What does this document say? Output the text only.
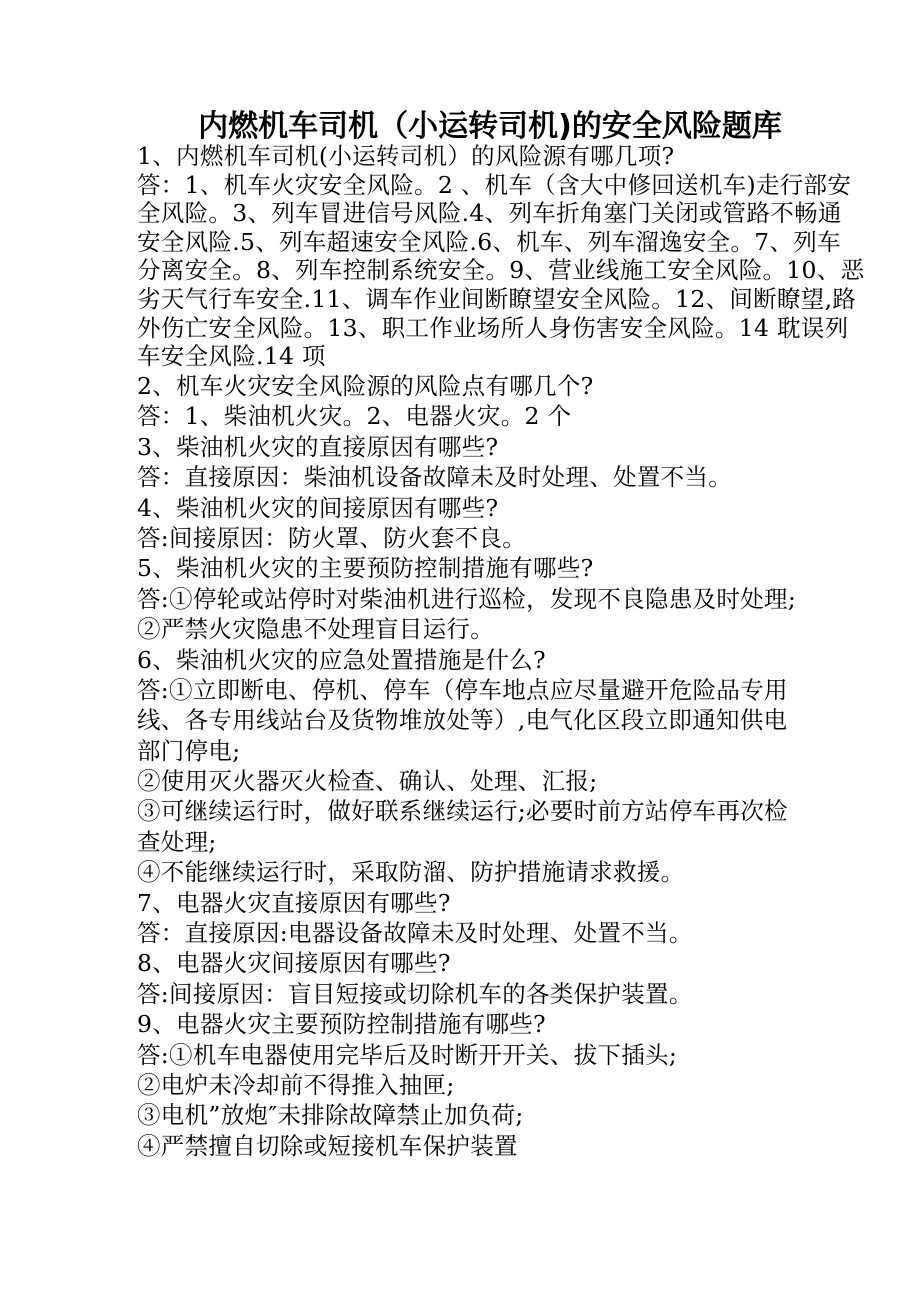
内燃机车司机（小运转司机)的安全风险题库
1、内燃机车司机(小运转司机）的风险源有哪几项?
答：1、机车火灾安全风险。2 、机车（含大中修回送机车)走行部安
全风险。3、列车冒进信号风险.4、列车折角塞门关闭或管路不畅通
安全风险.5、列车超速安全风险.6、机车、列车溜逸安全。7、列车
分离安全。8、列车控制系统安全。9、营业线施工安全风险。10、恶
劣天气行车安全.11、调车作业间断瞭望安全风险。12、间断瞭望,路
外伤亡安全风险。13、职工作业场所人身伤害安全风险。14 耽误列
车安全风险.14 项
2、机车火灾安全风险源的风险点有哪几个?
答：1、柴油机火灾。2、电器火灾。2 个
3、柴油机火灾的直接原因有哪些?
答：直接原因：柴油机设备故障未及时处理、处置不当。
4、柴油机火灾的间接原因有哪些?
答:间接原因：防火罩、防火套不良。
5、柴油机火灾的主要预防控制措施有哪些?
答:①停轮或站停时对柴油机进行巡检，发现不良隐患及时处理;
②严禁火灾隐患不处理盲目运行。
6、柴油机火灾的应急处置措施是什么?
答:①立即断电、停机、停车（停车地点应尽量避开危险品专用
线、各专用线站台及货物堆放处等）,电气化区段立即通知供电
部门停电;
②使用灭火器灭火检查、确认、处理、汇报;
③可继续运行时，做好联系继续运行;必要时前方站停车再次检
查处理;
④不能继续运行时，采取防溜、防护措施请求救援。
7、电器火灾直接原因有哪些?
答：直接原因:电器设备故障未及时处理、处置不当。
8、电器火灾间接原因有哪些?
答:间接原因：盲目短接或切除机车的各类保护装置。
9、电器火灾主要预防控制措施有哪些?
答:①机车电器使用完毕后及时断开开关、拔下插头;
②电炉未冷却前不得推入抽匣;
③电机”放炮″未排除故障禁止加负荷;
④严禁擅自切除或短接机车保护装置
